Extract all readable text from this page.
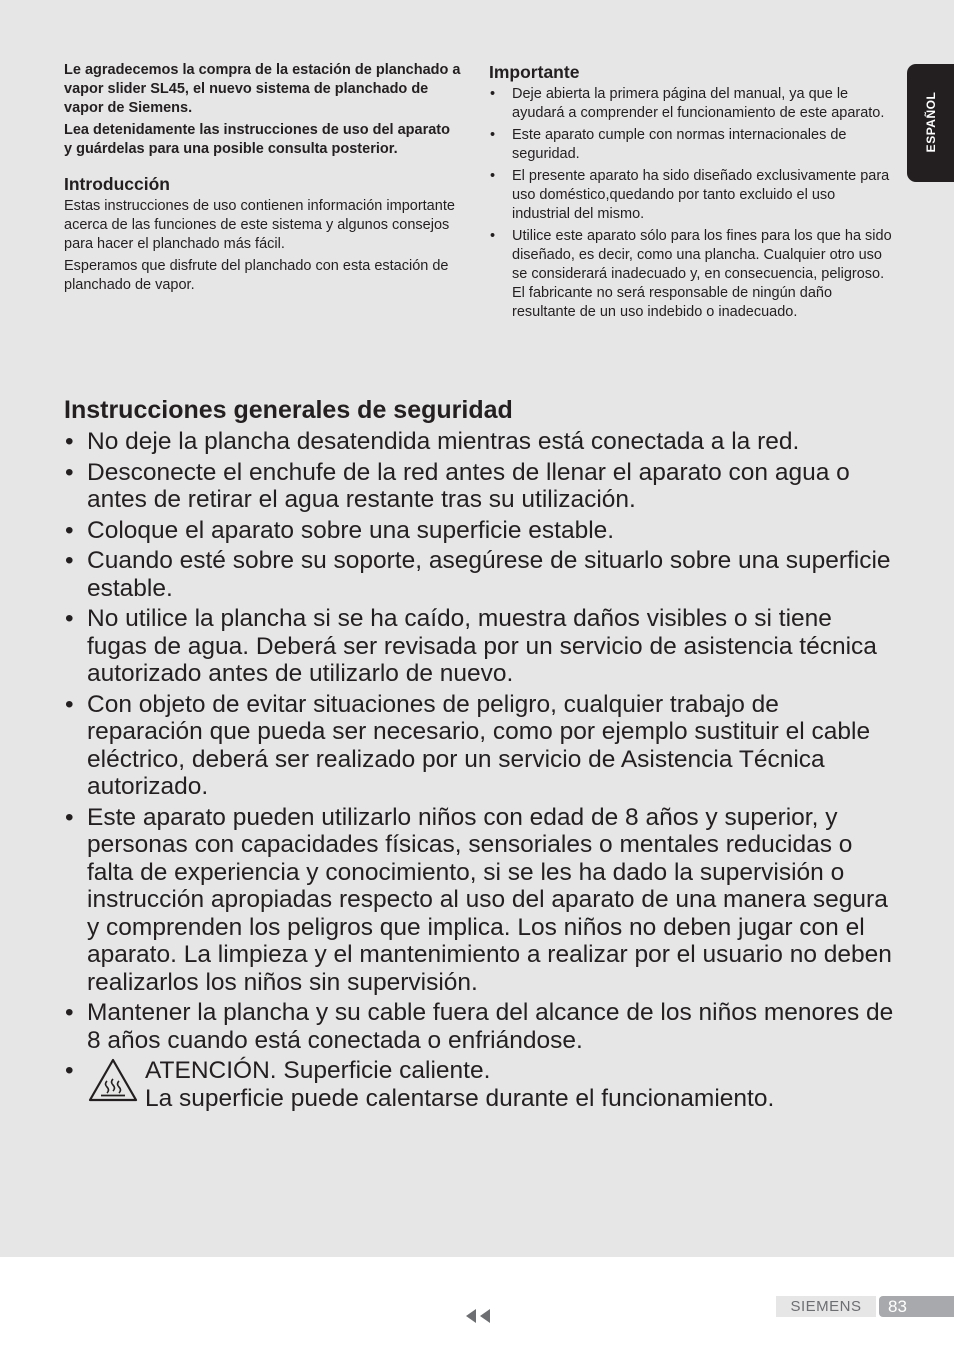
ESPAÑOL

Le agradecemos la compra de la estación de planchado a vapor slider SL45, el nuevo sistema de planchado de vapor de Siemens.

Lea detenidamente las instrucciones de uso del aparato y guárdelas para una posible consulta posterior.

Introducción

Estas instrucciones de uso contienen información importante acerca de las funciones de este sistema y algunos consejos para hacer el planchado más fácil.

Esperamos que disfrute del planchado con esta estación de planchado de vapor.

Importante
• Deje abierta la primera página del manual, ya que le ayudará a comprender el funcionamiento de este aparato.
• Este aparato cumple con normas internacionales de seguridad.
• El presente aparato ha sido diseñado exclusivamente para uso doméstico,quedando por tanto excluido el uso industrial del mismo.
• Utilice este aparato sólo para los fines para los que ha sido diseñado, es decir, como una plancha. Cualquier otro uso se considerará inadecuado y, en consecuencia, peligroso. El fabricante no será responsable de ningún daño resultante de un uso indebido o inadecuado.
Instrucciones generales de seguridad
• No deje la plancha desatendida mientras está conectada a la red.
• Desconecte el enchufe de la red antes de llenar el aparato con agua o antes de retirar el agua restante tras su utilización.
• Coloque el aparato sobre una superficie estable.
• Cuando esté sobre su soporte, asegúrese de situarlo sobre una superficie estable.
• No utilice la plancha si se ha caído, muestra daños visibles o si tiene fugas de agua. Deberá ser revisada por un servicio de asistencia técnica autorizado antes de utilizarlo de nuevo.
• Con objeto de evitar situaciones de peligro, cualquier trabajo de reparación que pueda ser necesario, como por ejemplo sustituir el cable eléctrico, deberá ser realizado por un servicio de Asistencia Técnica autorizado.
• Este aparato pueden utilizarlo niños con edad de 8 años y superior, y personas con capacidades físicas, sensoriales o mentales reducidas o falta de experiencia y conocimiento, si se les ha dado la supervisión o instrucción apropiadas respecto al uso del aparato de una manera segura y comprenden los peligros que implica. Los niños no deben jugar con el aparato. La limpieza y el mantenimiento a realizar por el usuario no deben realizarlos los niños sin supervisión.
• Mantener la plancha y su cable fuera del alcance de los niños menores de 8 años cuando está conectada o enfriándose.
• ATENCIÓN. Superficie caliente.
La superficie puede calentarse durante el funcionamiento.
SIEMENS	83
